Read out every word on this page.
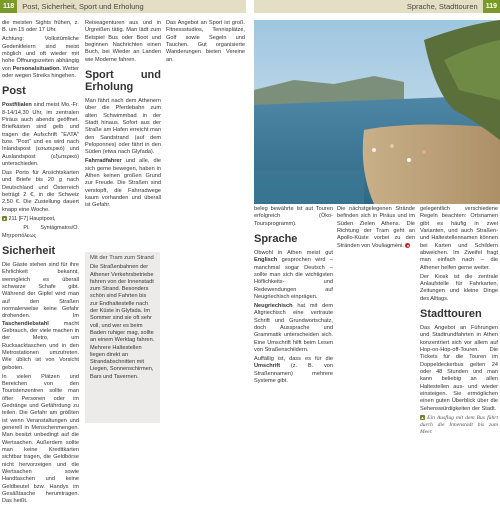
118	Post, Sicherheit, Sport und Erholung	Sprache, Stadttouren	119

die meisten Sights frühen, z. B. um 15 oder 17 Uhr.

Achtung: Volkstümliche Gedenkfeiern sind meist möglich und oft wieder mit hohe Öffnungszeiten abhängig von Personalsituation. Wetter oder wegen Streiks hingehen.

Post

Postfilialen sind meist Mo.-Fr. 8-14/14.30 Uhr, im zentralen Piräus auch abends geöffnet. Briefkästen sind gelb und tragen die Aufschrift "ΕΛΤΑ" bzw. "Post" und es wird nach Inlandspost (εσωτερικό) und Auslandspost (εξωτερικό) unterschieden.

Das Porto für Ansichtskarten und Briefe bis 20 g nach Deutschland und Österreich beträgt 2 €, in die Schweiz 2,50 €. Die Zustellung dauert knapp eine Woche.

● 211 [F7] Hauptpost,
Pl. Syntágmatos/Ο. Μητροπόλεως
Sicherheit

Die Gäste stehen sind für ihre Ehrlichkeit bekannt, wenngleich es überall schwarze Schafe gibt. Während der Gipfel wird man auf den Straßen normalerweise keine Gefahr drohenden. Im Taschendiebstahl macht Gebrauch, der viele machen in der Metro, um Rucksacktaschen und in den Metrostationen umzutreten. Wie üblich ist von Vorsicht geboten.

In vielen Plätzen und Bereichen von den Touristenzentren sollte man öfter Personen oder im Gedränge und Gefährdung zu teilen. Die Gefahr am größten ist wenn Veranstaltungen und generell in Menschenmengen. Man besitzt unbedingt auf die Wertsachen. Außerdem sollte man keine Kreditkarten sichtbar tragen, die Geldbörse nicht hervorzeigen und die Wertsachen sowie Handtaschen und keine Geldbeutel bzw. Handys im Gesäßtasche herumtragen. Das heißt.

Reiseagenturen aus und in Urgreißen tätig. Man lädt zum Beispiel Bus oder Boot und beginnen Nachrichten einen Buch, bei Wieder an Landen wie Moderne fahren.

Sport und Erholung

Man fährt nach dem Athenern über die Pferdebahn zum alten Schwimmbad in der Stadt hinaus. Sofort aus der Straße am Hafen erreicht man den Sandstrand (auf dem Peloponnes) oder fährt in den Süden (etwa nach Glyfada).

Fahrradfahrer und alle, die sich gerne bewegen, haben in Athen keinen großen Grund zur Freude. Die Straßen sind verstopft, die Fahrradwege kaum vorhanden und überall ist Gefahr.

Mit der Tram zum Strand
Die Straßenbahnen der Athener Verkehrsbetriebe fahren von der Innenstadt zum Strand. Besonders schön sind Fahrten bis zur Endhaltestelle nach der Küste in Glyfada. Im Sommer sind sie oft sehr voll, und wer es beim Baden ruhiger mag, sollte an einem Werktag fahren. Mehrere Haltestellen liegen direkt an Strandabschnitten mit Liegen, Sonnenschirmen, Bars und Tavernen.

Das Angebot an Sport ist groß. Fitnessstudios, Tennisplätze, Golf sowie Segeln und Tauchen. Gut organisierte Wanderungen bieten Vereine an.

beleg bewährte Ist aut Touren erfolgreich (Öko-Toursprogramm).

Sprache

Obwohl in Athen meist gut Englisch gesprochen wird – manchmal sogar Deutsch – sollte man sich die wichtigsten Höflichkeits- und Redewendungen auf Neugriechisch einprägen.

Neugriechisch hat mit dem Altgriechisch eine vertraute Schrift und Grundwortschatz, doch Aussprache und Grammatik unterscheiden sich. Eine Umschrift hilft beim Lesen von Straßenschildern.

Auffällig ist, dass es für die Umschrift (z. B. von Straßennamen) mehrere Systeme gibt.

Die nächstgelegenen Strände befinden sich in Piräus und im Süden Zielen Athens. Die Richtung der Tram geht an Apollo-Küste vorbei zu den Stränden von Vouliagméni. ●

gelegentlich verschiedene Regeln beachten: Ortsnamen gibt es häufig in zwei Varianten, und auch Straßen- und Haltestellennamen können bei Karten und Schildern abweichen. Im Zweifel fragt man einfach nach – die Athener helfen gerne weiter.

Der Kiosk ist die zentrale Anlaufstelle für Fahrkarten, Zeitungen und kleine Dinge des Alltags.

Stadttouren

Das Angebot an Führungen und Stadtrundfahrten in Athen konzentriert sich vor allem auf Hop-on-Hop-off-Touren. Die Tickets für die Touren im Doppeldeckerbus gelten 24 oder 48 Stunden und man kann beliebig an allen Haltestellen aus- und wieder einsteigen. Sie ermöglichen einen guten Überblick über die Sehenswürdigkeiten der Stadt.

▲ Ein Ausflug mit dem Bus führt durch die Innenstadt bis zum Meer.
